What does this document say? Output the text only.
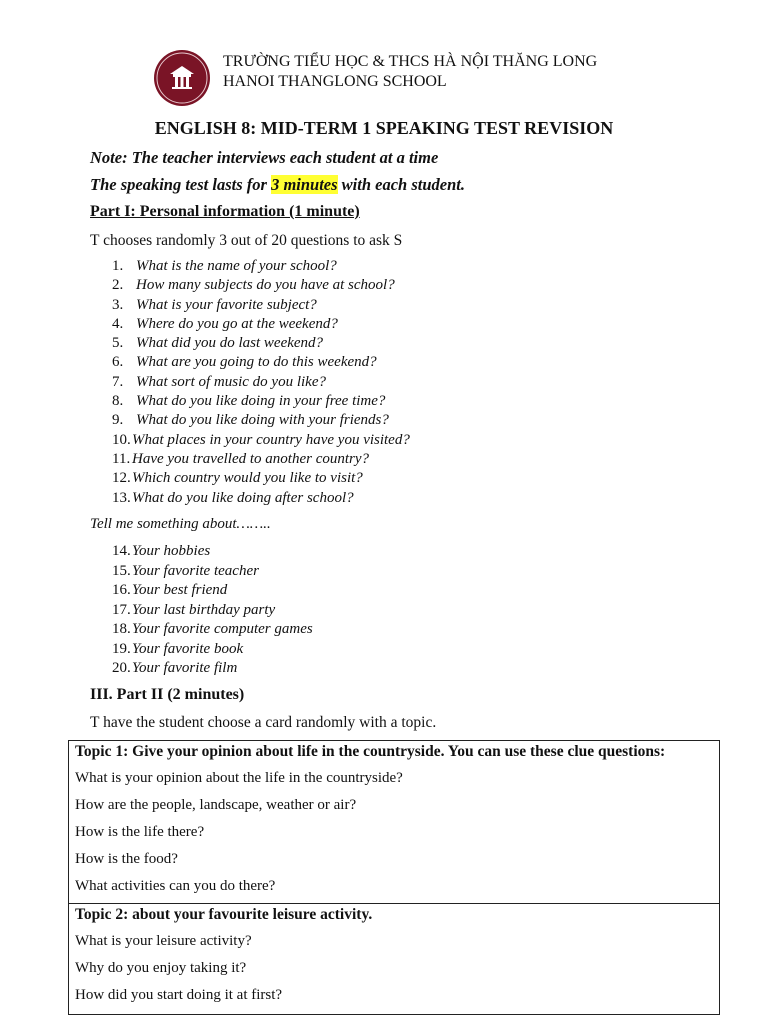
TRƯỜNG TIỂU HỌC & THCS HÀ NỘI THĂNG LONG
HANOI THANGLONG SCHOOL
ENGLISH 8: MID-TERM 1 SPEAKING TEST REVISION
Note: The teacher interviews each student at a time
The speaking test lasts for 3 minutes with each student.
Part I: Personal information (1 minute)
T chooses randomly 3 out of 20 questions to ask S
1. What is the name of your school?
2. How many subjects do you have at school?
3. What is your favorite subject?
4. Where do you go at the weekend?
5. What did you do last weekend?
6. What are you going to do this weekend?
7. What sort of music do you like?
8. What do you like doing in your free time?
9. What do you like doing with your friends?
10.What places in your country have you visited?
11. Have you travelled to another country?
12.Which country would you like to visit?
13.What do you like doing after school?
Tell me something about……..
14.Your hobbies
15.Your favorite teacher
16.Your best friend
17.Your last birthday party
18.Your favorite computer games
19.Your favorite book
20.Your favorite film
III. Part II (2 minutes)
T have the student choose a card randomly with a topic.
Topic 1: Give your opinion about life in the countryside. You can use these clue questions:
What is your opinion about the life in the countryside?
How are the people, landscape, weather or air?
How is the life there?
How is the food?
What activities can you do there?
Topic 2: about your favourite leisure activity.
What is your leisure activity?
Why do you enjoy taking it?
How did you start doing it at first?
